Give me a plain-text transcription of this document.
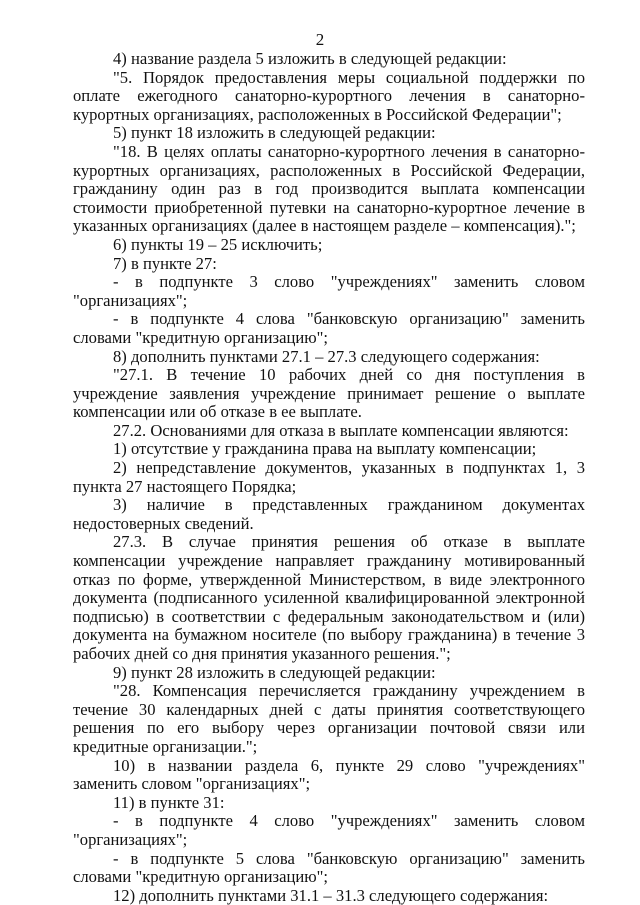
2

4) название раздела 5 изложить в следующей редакции:

"5. Порядок предоставления меры социальной поддержки по оплате ежегодного санаторно-курортного лечения в санаторно-курортных организациях, расположенных в Российской Федерации";

5) пункт 18 изложить в следующей редакции:

"18. В целях оплаты санаторно-курортного лечения в санаторно-курортных организациях, расположенных в Российской Федерации, гражданину один раз в год производится выплата компенсации стоимости приобретенной путевки на санаторно-курортное лечение в указанных организациях (далее в настоящем разделе – компенсация).";

6) пункты 19 – 25 исключить;

7) в пункте 27:

- в подпункте 3 слово "учреждениях" заменить словом "организациях";

- в подпункте 4 слова "банковскую организацию" заменить словами "кредитную организацию";

8) дополнить пунктами 27.1 – 27.3 следующего содержания:

"27.1. В течение 10 рабочих дней со дня поступления в учреждение заявления учреждение принимает решение о выплате компенсации или об отказе в ее выплате.

27.2. Основаниями для отказа в выплате компенсации являются:

1) отсутствие у гражданина права на выплату компенсации;

2) непредставление документов, указанных в подпунктах 1, 3 пункта 27 настоящего Порядка;

3) наличие в представленных гражданином документах недостоверных сведений.

27.3. В случае принятия решения об отказе в выплате компенсации учреждение направляет гражданину мотивированный отказ по форме, утвержденной Министерством, в виде электронного документа (подписанного усиленной квалифицированной электронной подписью) в соответствии с федеральным законодательством и (или) документа на бумажном носителе (по выбору гражданина) в течение 3 рабочих дней со дня принятия указанного решения.";

9) пункт 28 изложить в следующей редакции:

"28. Компенсация перечисляется гражданину учреждением в течение 30 календарных дней с даты принятия соответствующего решения по его выбору через организации почтовой связи или кредитные организации.";

10) в названии раздела 6, пункте 29 слово "учреждениях" заменить словом "организациях";

11) в пункте 31:

- в подпункте 4 слово "учреждениях" заменить словом "организациях";

- в подпункте 5 слова "банковскую организацию" заменить словами "кредитную организацию";

12) дополнить пунктами 31.1 – 31.3 следующего содержания:
